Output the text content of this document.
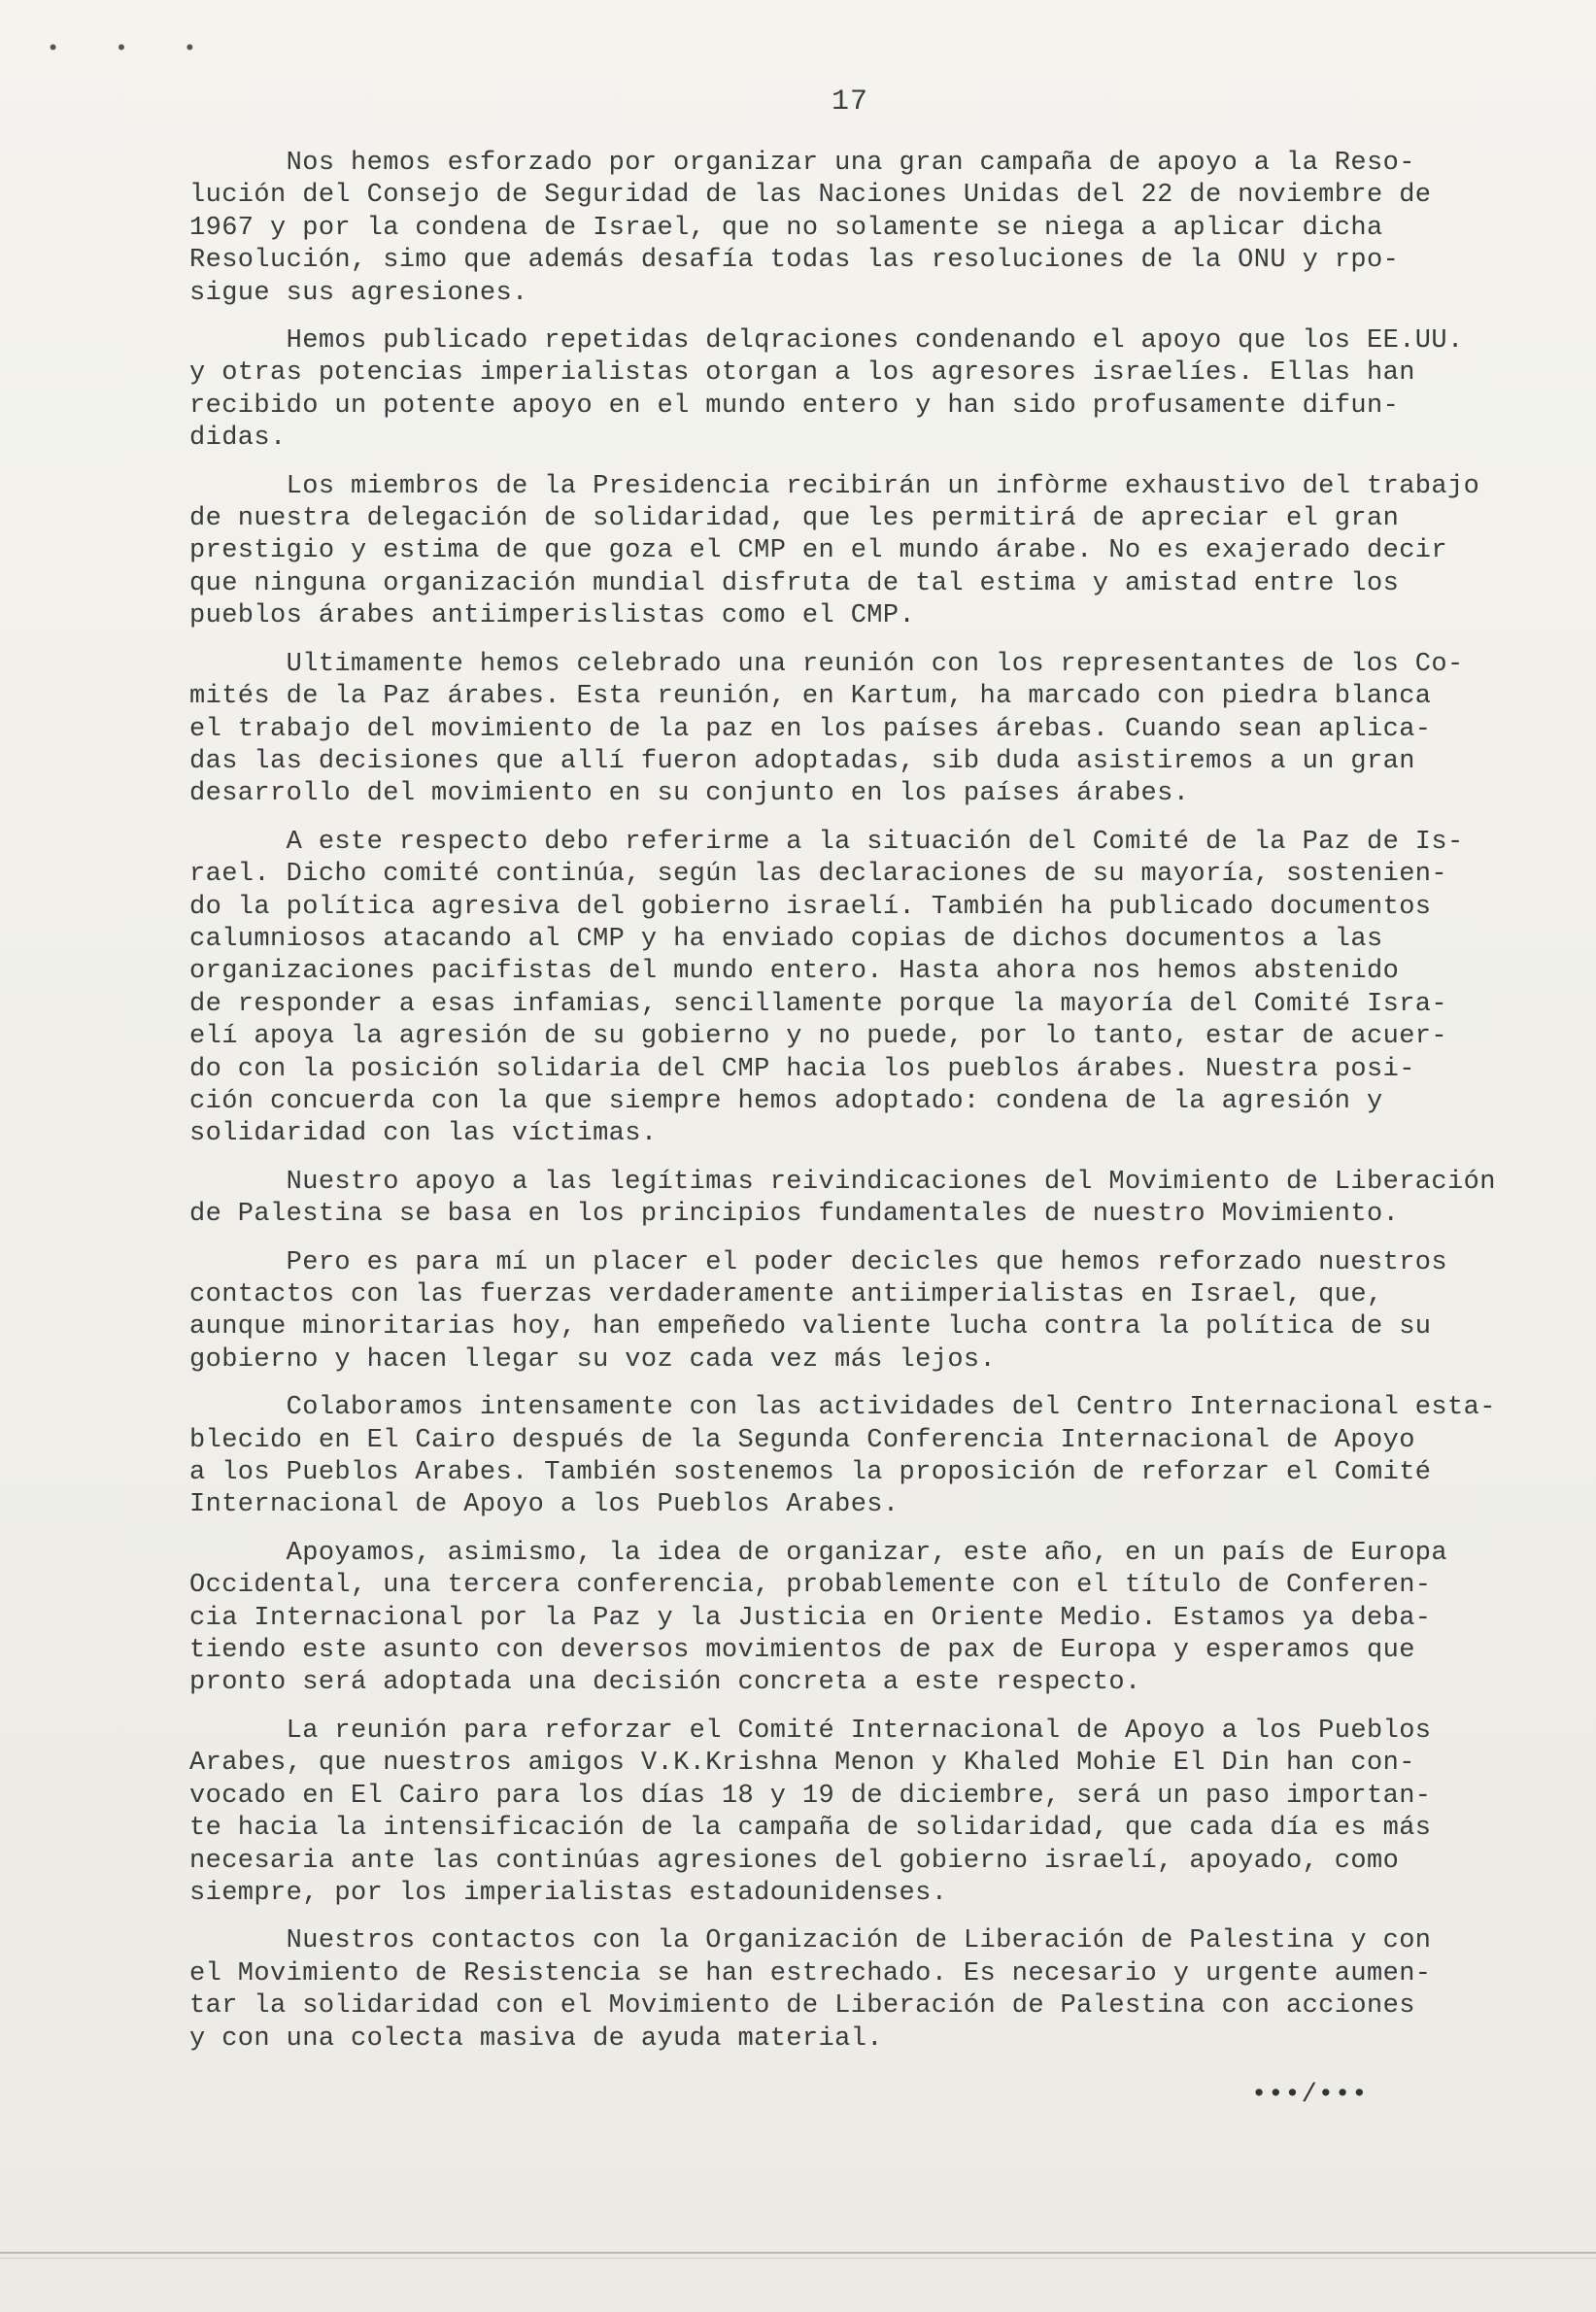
• • •
17
Nos hemos esforzado por organizar una gran campaña de apoyo a la Reso-
lución del Consejo de Seguridad de las Naciones Unidas del 22 de noviembre de
1967 y por la condena de Israel, que no solamente se niega a aplicar dicha
Resolución, simo que además desafía todas las resoluciones de la ONU y rpo-
sigue sus agresiones.
Hemos publicado repetidas delqraciones condenando el apoyo que los EE.UU.
y otras potencias imperialistas otorgan a los agresores israelíes. Ellas han
recibido un potente apoyo en el mundo entero y han sido profusamente difun-
didas.
Los miembros de la Presidencia recibirán un infòrme exhaustivo del trabajo
de nuestra delegación de solidaridad, que les permitirá de apreciar el gran
prestigio y estima de que goza el CMP en el mundo árabe. No es exajerado decir
que ninguna organización mundial disfruta de tal estima y amistad entre los
pueblos árabes antiimperislistas como el CMP.
Ultimamente hemos celebrado una reunión con los representantes de los Co-
mités de la Paz árabes. Esta reunión, en Kartum, ha marcado con piedra blanca
el trabajo del movimiento de la paz en los países árebas. Cuando sean aplica-
das las decisiones que allí fueron adoptadas, sib duda asistiremos a un gran
desarrollo del movimiento en su conjunto en los países árabes.
A este respecto debo referirme a la situación del Comité de la Paz de Is-
rael. Dicho comité continúa, según las declaraciones de su mayoría, sostenien-
do la política agresiva del gobierno israelí. También ha publicado documentos
calumniosos atacando al CMP y ha enviado copias de dichos documentos a las
organizaciones pacifistas del mundo entero. Hasta ahora nos hemos abstenido
de responder a esas infamias, sencillamente porque la mayoría del Comité Isra-
elí apoya la agresión de su gobierno y no puede, por lo tanto, estar de acuer-
do con la posición solidaria del CMP hacia los pueblos árabes. Nuestra posi-
ción concuerda con la que siempre hemos adoptado: condena de la agresión y
solidaridad con las víctimas.
Nuestro apoyo a las legítimas reivindicaciones del Movimiento de Liberación
de Palestina se basa en los principios fundamentales de nuestro Movimiento.
Pero es para mí un placer el poder decicles que hemos reforzado nuestros
contactos con las fuerzas verdaderamente antiimperialistas en Israel, que,
aunque minoritarias hoy, han empeñedo valiente lucha contra la política de su
gobierno y hacen llegar su voz cada vez más lejos.
Colaboramos intensamente con las actividades del Centro Internacional esta-
blecido en El Cairo después de la Segunda Conferencia Internacional de Apoyo
a los Pueblos Arabes. También sostenemos la proposición de reforzar el Comité
Internacional de Apoyo a los Pueblos Arabes.
Apoyamos, asimismo, la idea de organizar, este año, en un país de Europa
Occidental, una tercera conferencia, probablemente con el título de Conferen-
cia Internacional por la Paz y la Justicia en Oriente Medio. Estamos ya deba-
tiendo este asunto con deversos movimientos de pax de Europa y esperamos que
pronto será adoptada una decisión concreta a este respecto.
La reunión para reforzar el Comité Internacional de Apoyo a los Pueblos
Arabes, que nuestros amigos V.K.Krishna Menon y Khaled Mohie El Din han con-
vocado en El Cairo para los días 18 y 19 de diciembre, será un paso importan-
te hacia la intensificación de la campaña de solidaridad, que cada día es más
necesaria ante las continúas agresiones del gobierno israelí, apoyado, como
siempre, por los imperialistas estadounidenses.
Nuestros contactos con la Organización de Liberación de Palestina y con
el Movimiento de Resistencia se han estrechado. Es necesario y urgente aumen-
tar la solidaridad con el Movimiento de Liberación de Palestina con acciones
y con una colecta masiva de ayuda material.
•••/•••
